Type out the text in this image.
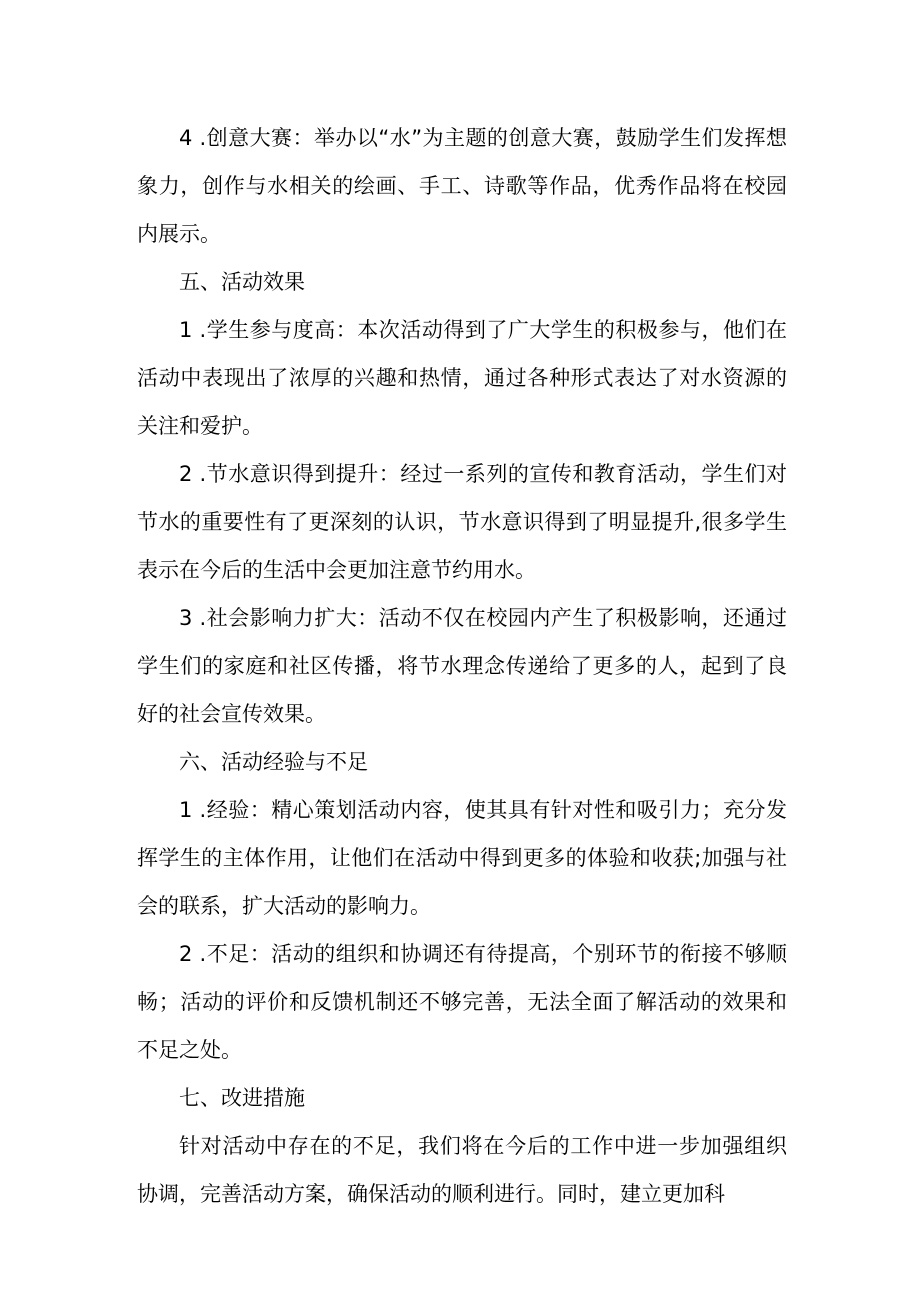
4 .创意大赛：举办以“水”为主题的创意大赛，鼓励学生们发挥想象力，创作与水相关的绘画、手工、诗歌等作品，优秀作品将在校园内展示。

五、活动效果

1 .学生参与度高：本次活动得到了广大学生的积极参与，他们在活动中表现出了浓厚的兴趣和热情，通过各种形式表达了对水资源的关注和爱护。

2 .节水意识得到提升：经过一系列的宣传和教育活动，学生们对节水的重要性有了更深刻的认识，节水意识得到了明显提升,很多学生表示在今后的生活中会更加注意节约用水。

3 .社会影响力扩大：活动不仅在校园内产生了积极影响，还通过学生们的家庭和社区传播，将节水理念传递给了更多的人，起到了良好的社会宣传效果。

六、活动经验与不足

1 .经验：精心策划活动内容，使其具有针对性和吸引力；充分发挥学生的主体作用，让他们在活动中得到更多的体验和收获;加强与社会的联系，扩大活动的影响力。

2 .不足：活动的组织和协调还有待提高，个别环节的衔接不够顺畅；活动的评价和反馈机制还不够完善，无法全面了解活动的效果和不足之处。

七、改进措施

针对活动中存在的不足，我们将在今后的工作中进一步加强组织协调，完善活动方案，确保活动的顺利进行。同时，建立更加科
